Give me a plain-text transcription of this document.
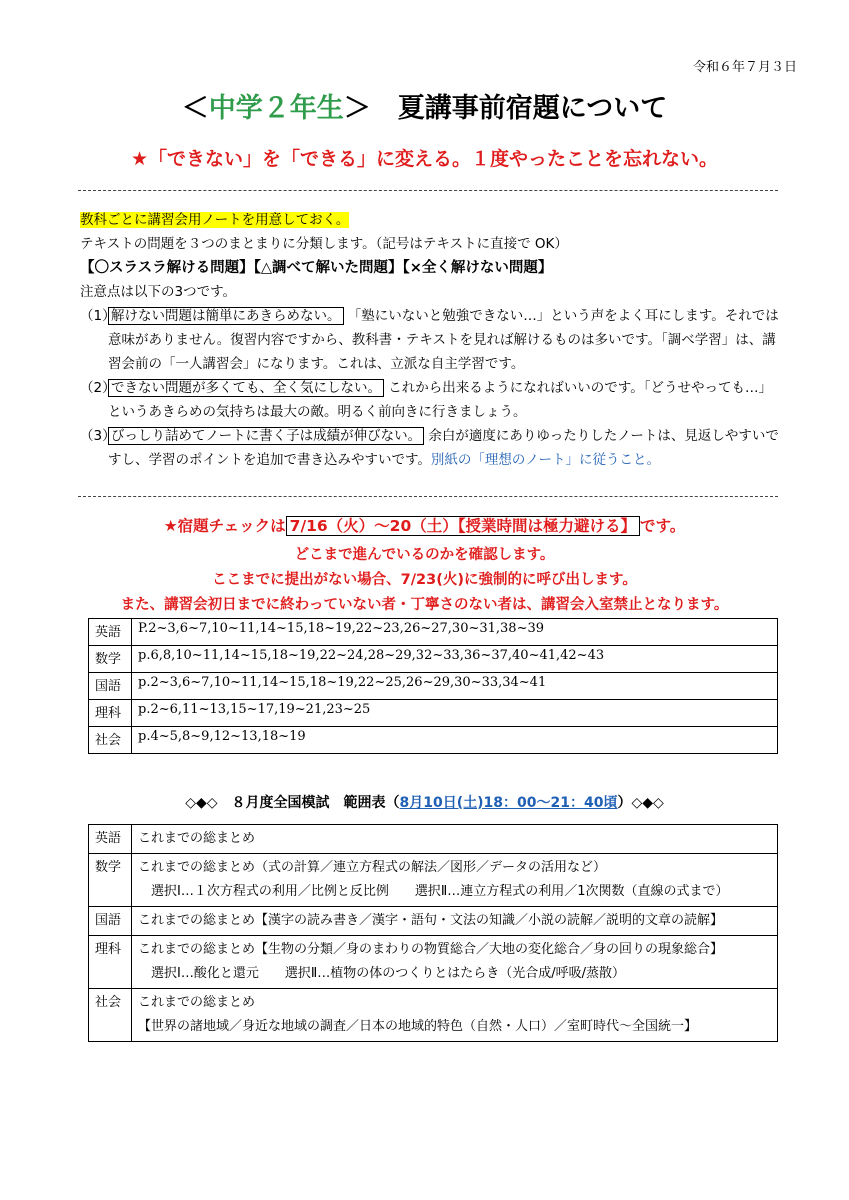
令和６年７月３日
＜中学２年生＞　 夏講事前宿題について
★「できない」を「できる」に変える。１度やったことを忘れない。
教科ごとに講習会用ノートを用意しておく。
テキストの問題を３つのまとまりに分類します。（記号はテキストに直接で OK）
【〇スラスラ解ける問題】【△調べて解いた問題】【×全く解けない問題】
注意点は以下の3つです。
（1）
解けない問題は簡単にあきらめない。 「塾にいないと勉強できない…」という声をよく耳にします。それでは意味がありません。復習内容ですから、教科書・テキストを見れば解けるものは多いです。「調べ学習」は、講習会前の「一人講習会」になります。これは、立派な自主学習です。
（2）
できない問題が多くても、全く気にしない。 これから出来るようになればいいのです。「どうせやっても…」というあきらめの気持ちは最大の敵。明るく前向きに行きましょう。
（3）
びっしり詰めてノートに書く子は成績が伸びない。 余白が適度にありゆったりしたノートは、見返しやすいですし、学習のポイントを追加で書き込みやすいです。別紙の「理想のノート」に従うこと。
★宿題チェックは 7/16（火）～20（土）【授業時間は極力避ける】 です。
どこまで進んでいるのかを確認します。
ここまでに提出がない場合、7/23(火)に強制的に呼び出します。
また、講習会初日までに終わっていない者・丁寧さのない者は、講習会入室禁止となります。
英語	P.2~3,6~7,10~11,14~15,18~19,22~23,26~27,30~31,38~39
数学	p.6,8,10~11,14~15,18~19,22~24,28~29,32~33,36~37,40~41,42~43
国語	p.2~3,6~7,10~11,14~15,18~19,22~25,26~29,30~33,34~41
理科	p.2~6,11~13,15~17,19~21,23~25
社会	p.4~5,8~9,12~13,18~19
◇◆◇　８月度全国模試　範囲表（8月10日(土)18：00～21：40頃）◇◆◇
英語	これまでの総まとめ

数学	これまでの総まとめ（式の計算／連立方程式の解法／図形／データの活用など）
　選択Ⅰ…１次方程式の利用／比例と反比例　　選択Ⅱ…連立方程式の利用／1次関数（直線の式まで）

国語	これまでの総まとめ【漢字の読み書き／漢字・語句・文法の知識／小説の読解／説明的文章の読解】

理科	これまでの総まとめ【生物の分類／身のまわりの物質総合／大地の変化総合／身の回りの現象総合】
　選択Ⅰ…酸化と還元　　選択Ⅱ…植物の体のつくりとはたらき（光合成/呼吸/蒸散）

社会	これまでの総まとめ
【世界の諸地域／身近な地域の調査／日本の地域的特色（自然・人口）／室町時代～全国統一】
